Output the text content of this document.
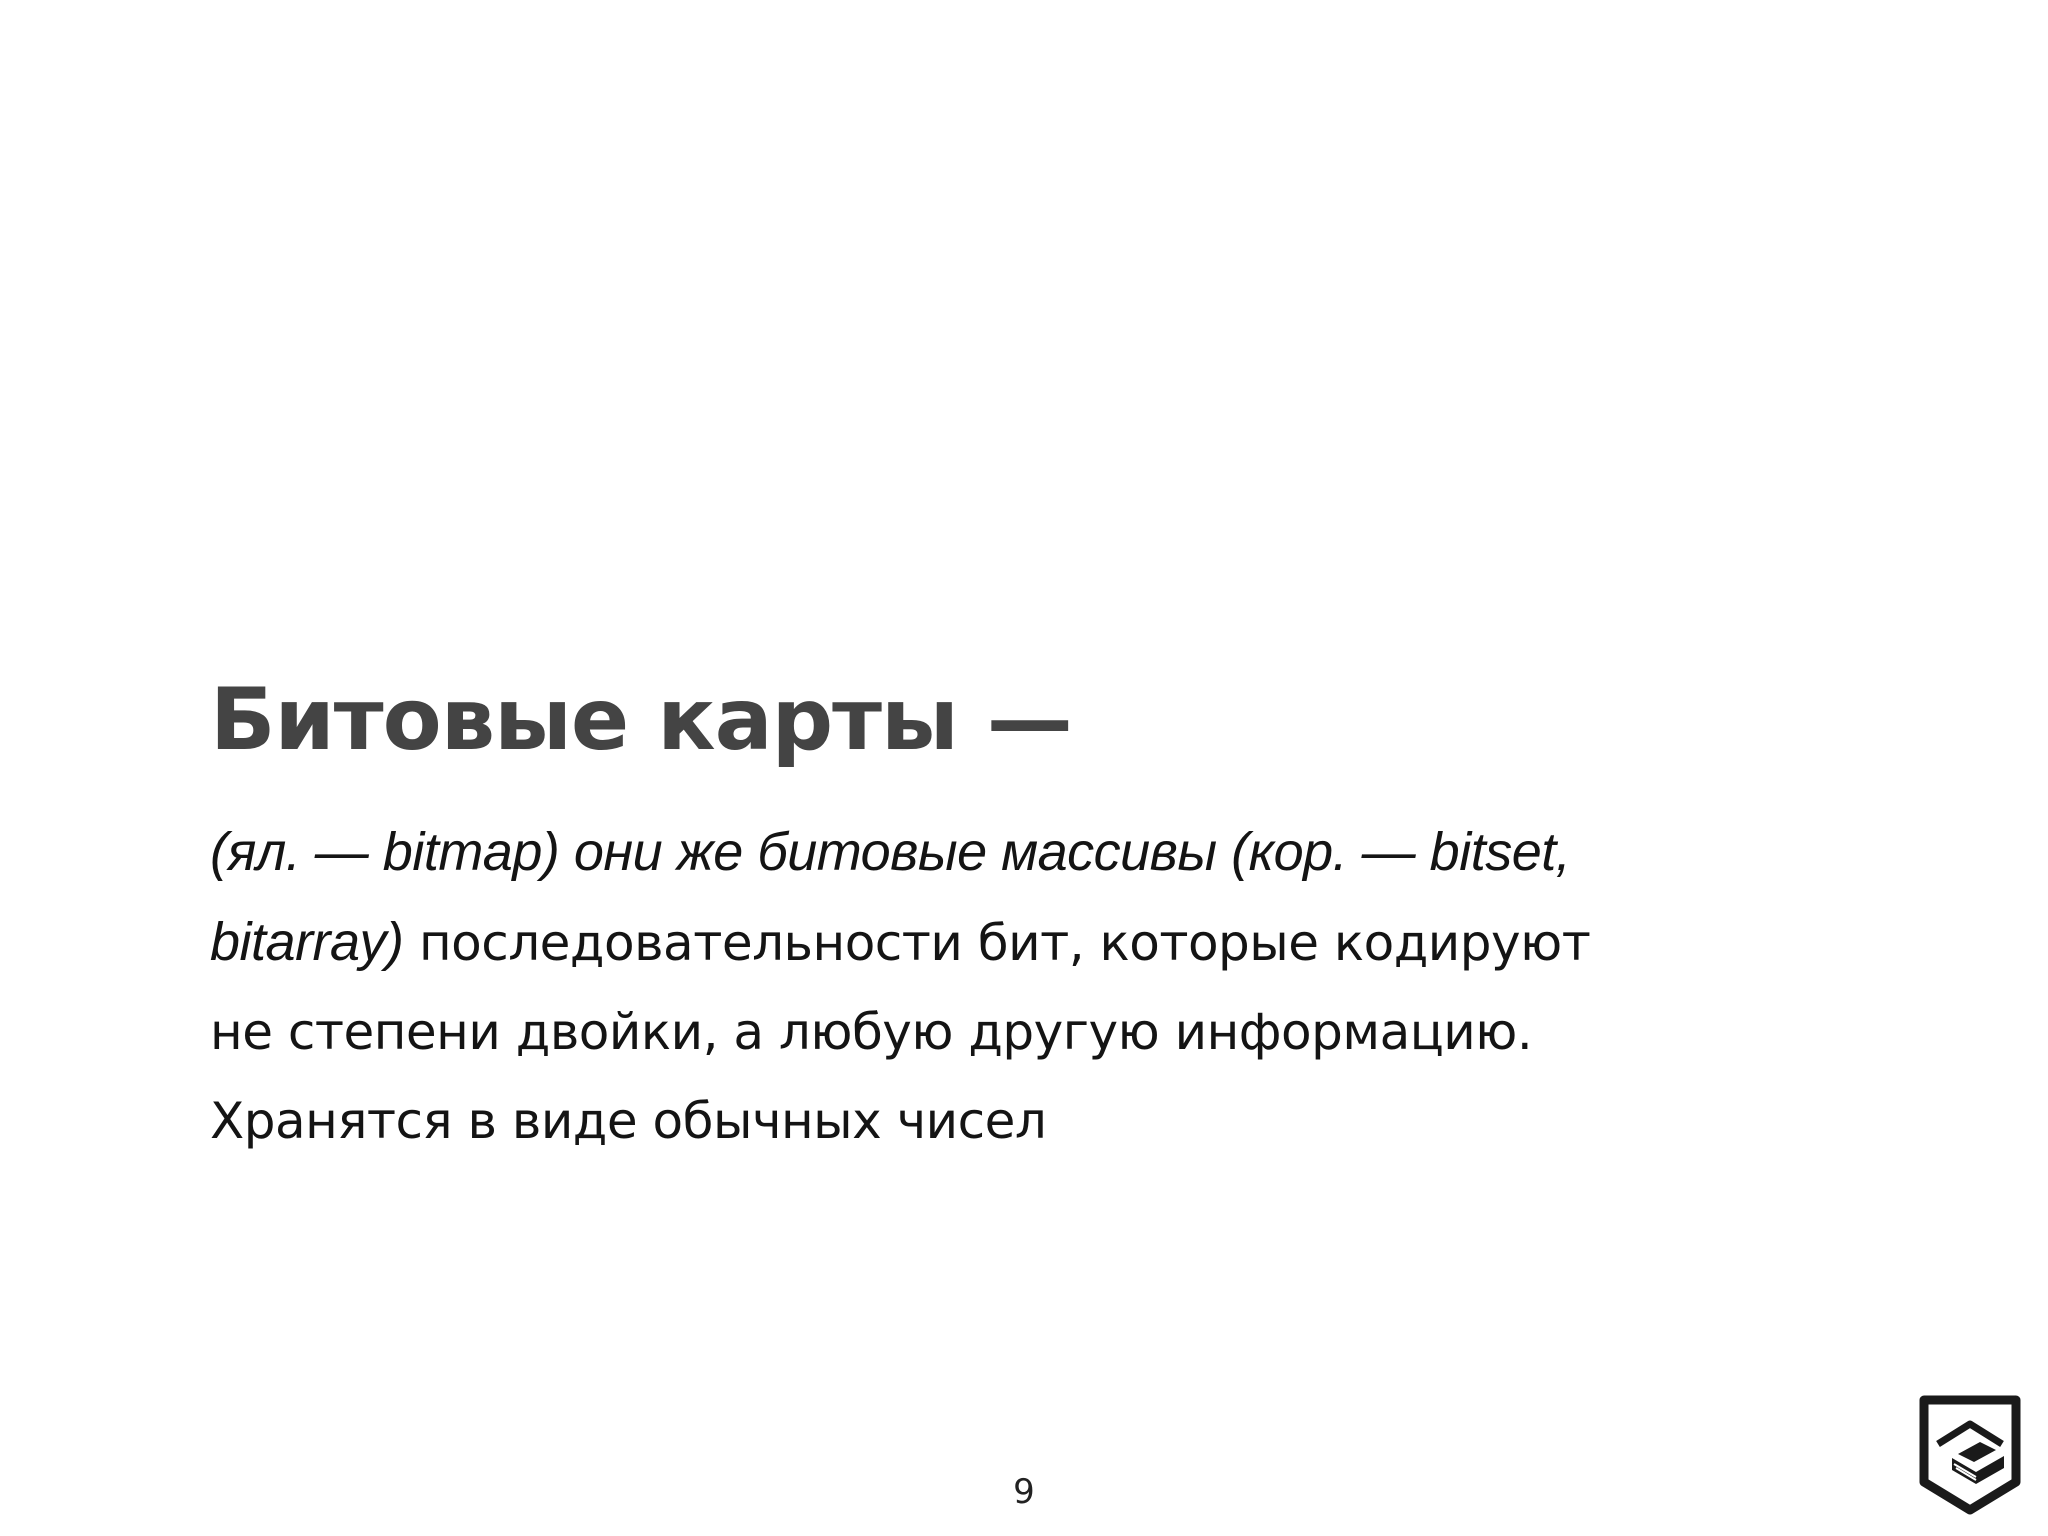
Битовые карты —
(ял. — bitmap) они же битовые массивы (кор. — bitset,
bitarray) последовательности бит, которые кодируют
не степени двойки, а любую другую информацию.
Хранятся в виде обычных чисел
9
